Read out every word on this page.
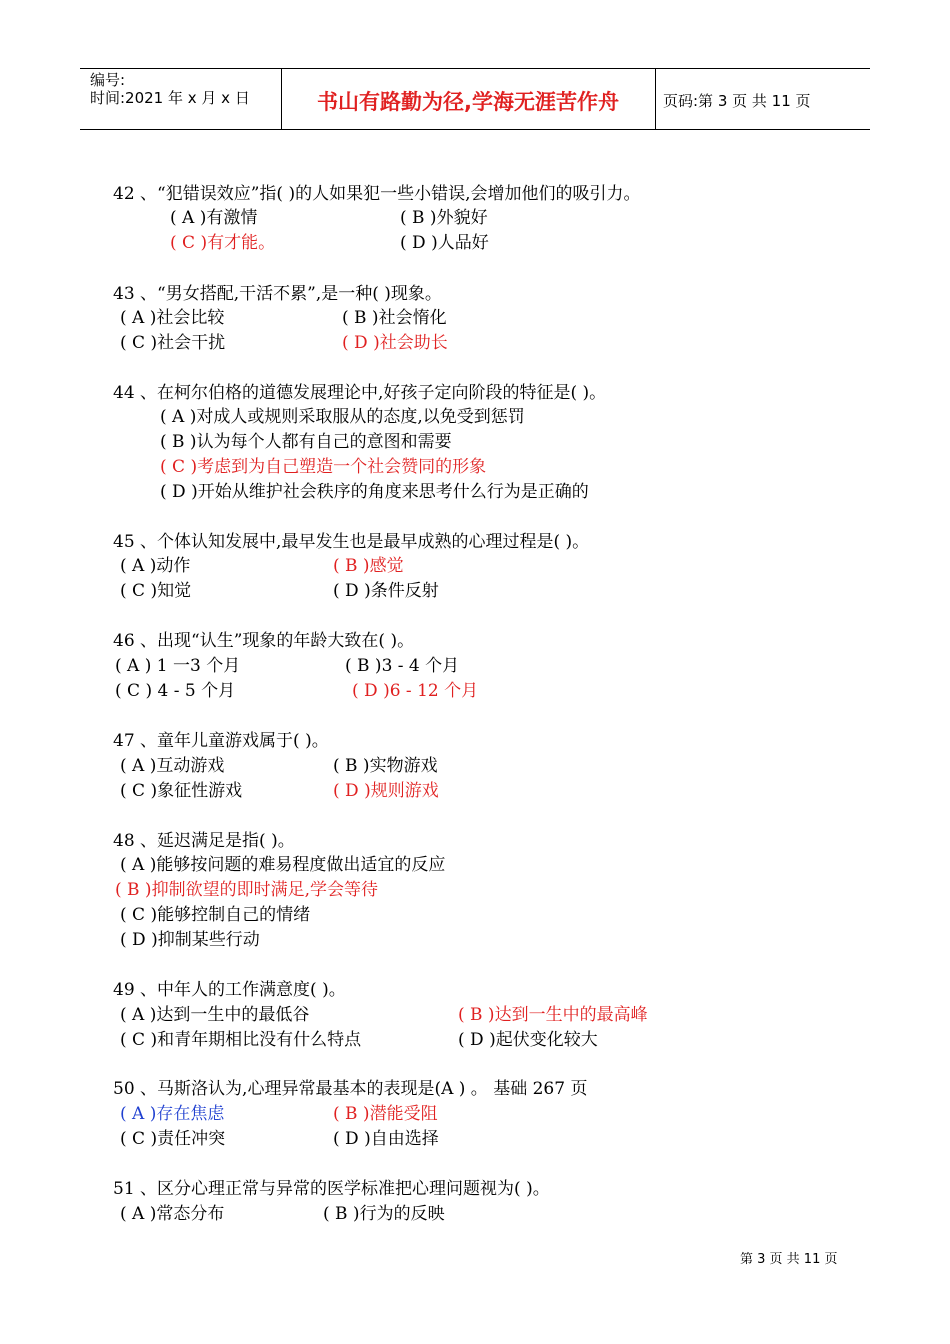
编号:
时间:2021 年 x 月 x 日	书山有路勤为径,学海无涯苦作舟	页码:第 3 页 共 11 页
42 、“犯错误效应”指( )的人如果犯一些小错误,会增加他们的吸引力。
( A )有激情	( B )外貌好
( C )有才能。	( D )人品好
43 、“男女搭配,干活不累”,是一种( )现象。
( A )社会比较	( B )社会惰化
( C )社会干扰	( D )社会助长
44 、在柯尔伯格的道德发展理论中,好孩子定向阶段的特征是( )。
( A )对成人或规则采取服从的态度,以免受到惩罚
( B )认为每个人都有自己的意图和需要
( C )考虑到为自己塑造一个社会赞同的形象
( D )开始从维护社会秩序的角度来思考什么行为是正确的
45 、个体认知发展中,最早发生也是最早成熟的心理过程是( )。
( A )动作	( B )感觉
( C )知觉	( D )条件反射
46 、出现“认生”现象的年龄大致在( )。
( A ) 1 一3 个月	( B )3 - 4 个月
( C ) 4 - 5 个月	( D )6 - 12 个月
47 、童年儿童游戏属于( )。
( A )互动游戏	( B )实物游戏
( C )象征性游戏	( D )规则游戏
48 、延迟满足是指( )。
( A )能够按问题的难易程度做出适宜的反应
( B )抑制欲望的即时满足,学会等待
( C )能够控制自己的情绪
( D )抑制某些行动
49 、中年人的工作满意度( )。
( A )达到一生中的最低谷	( B )达到一生中的最高峰
( C )和青年期相比没有什么特点	( D )起伏变化较大
50 、马斯洛认为,心理异常最基本的表现是(A ) 。 基础 267 页
( A )存在焦虑	( B )潜能受阻
( C )责任冲突	( D )自由选择
51 、区分心理正常与异常的医学标准把心理问题视为( )。
( A )常态分布	( B )行为的反映
第 3 页 共 11 页
